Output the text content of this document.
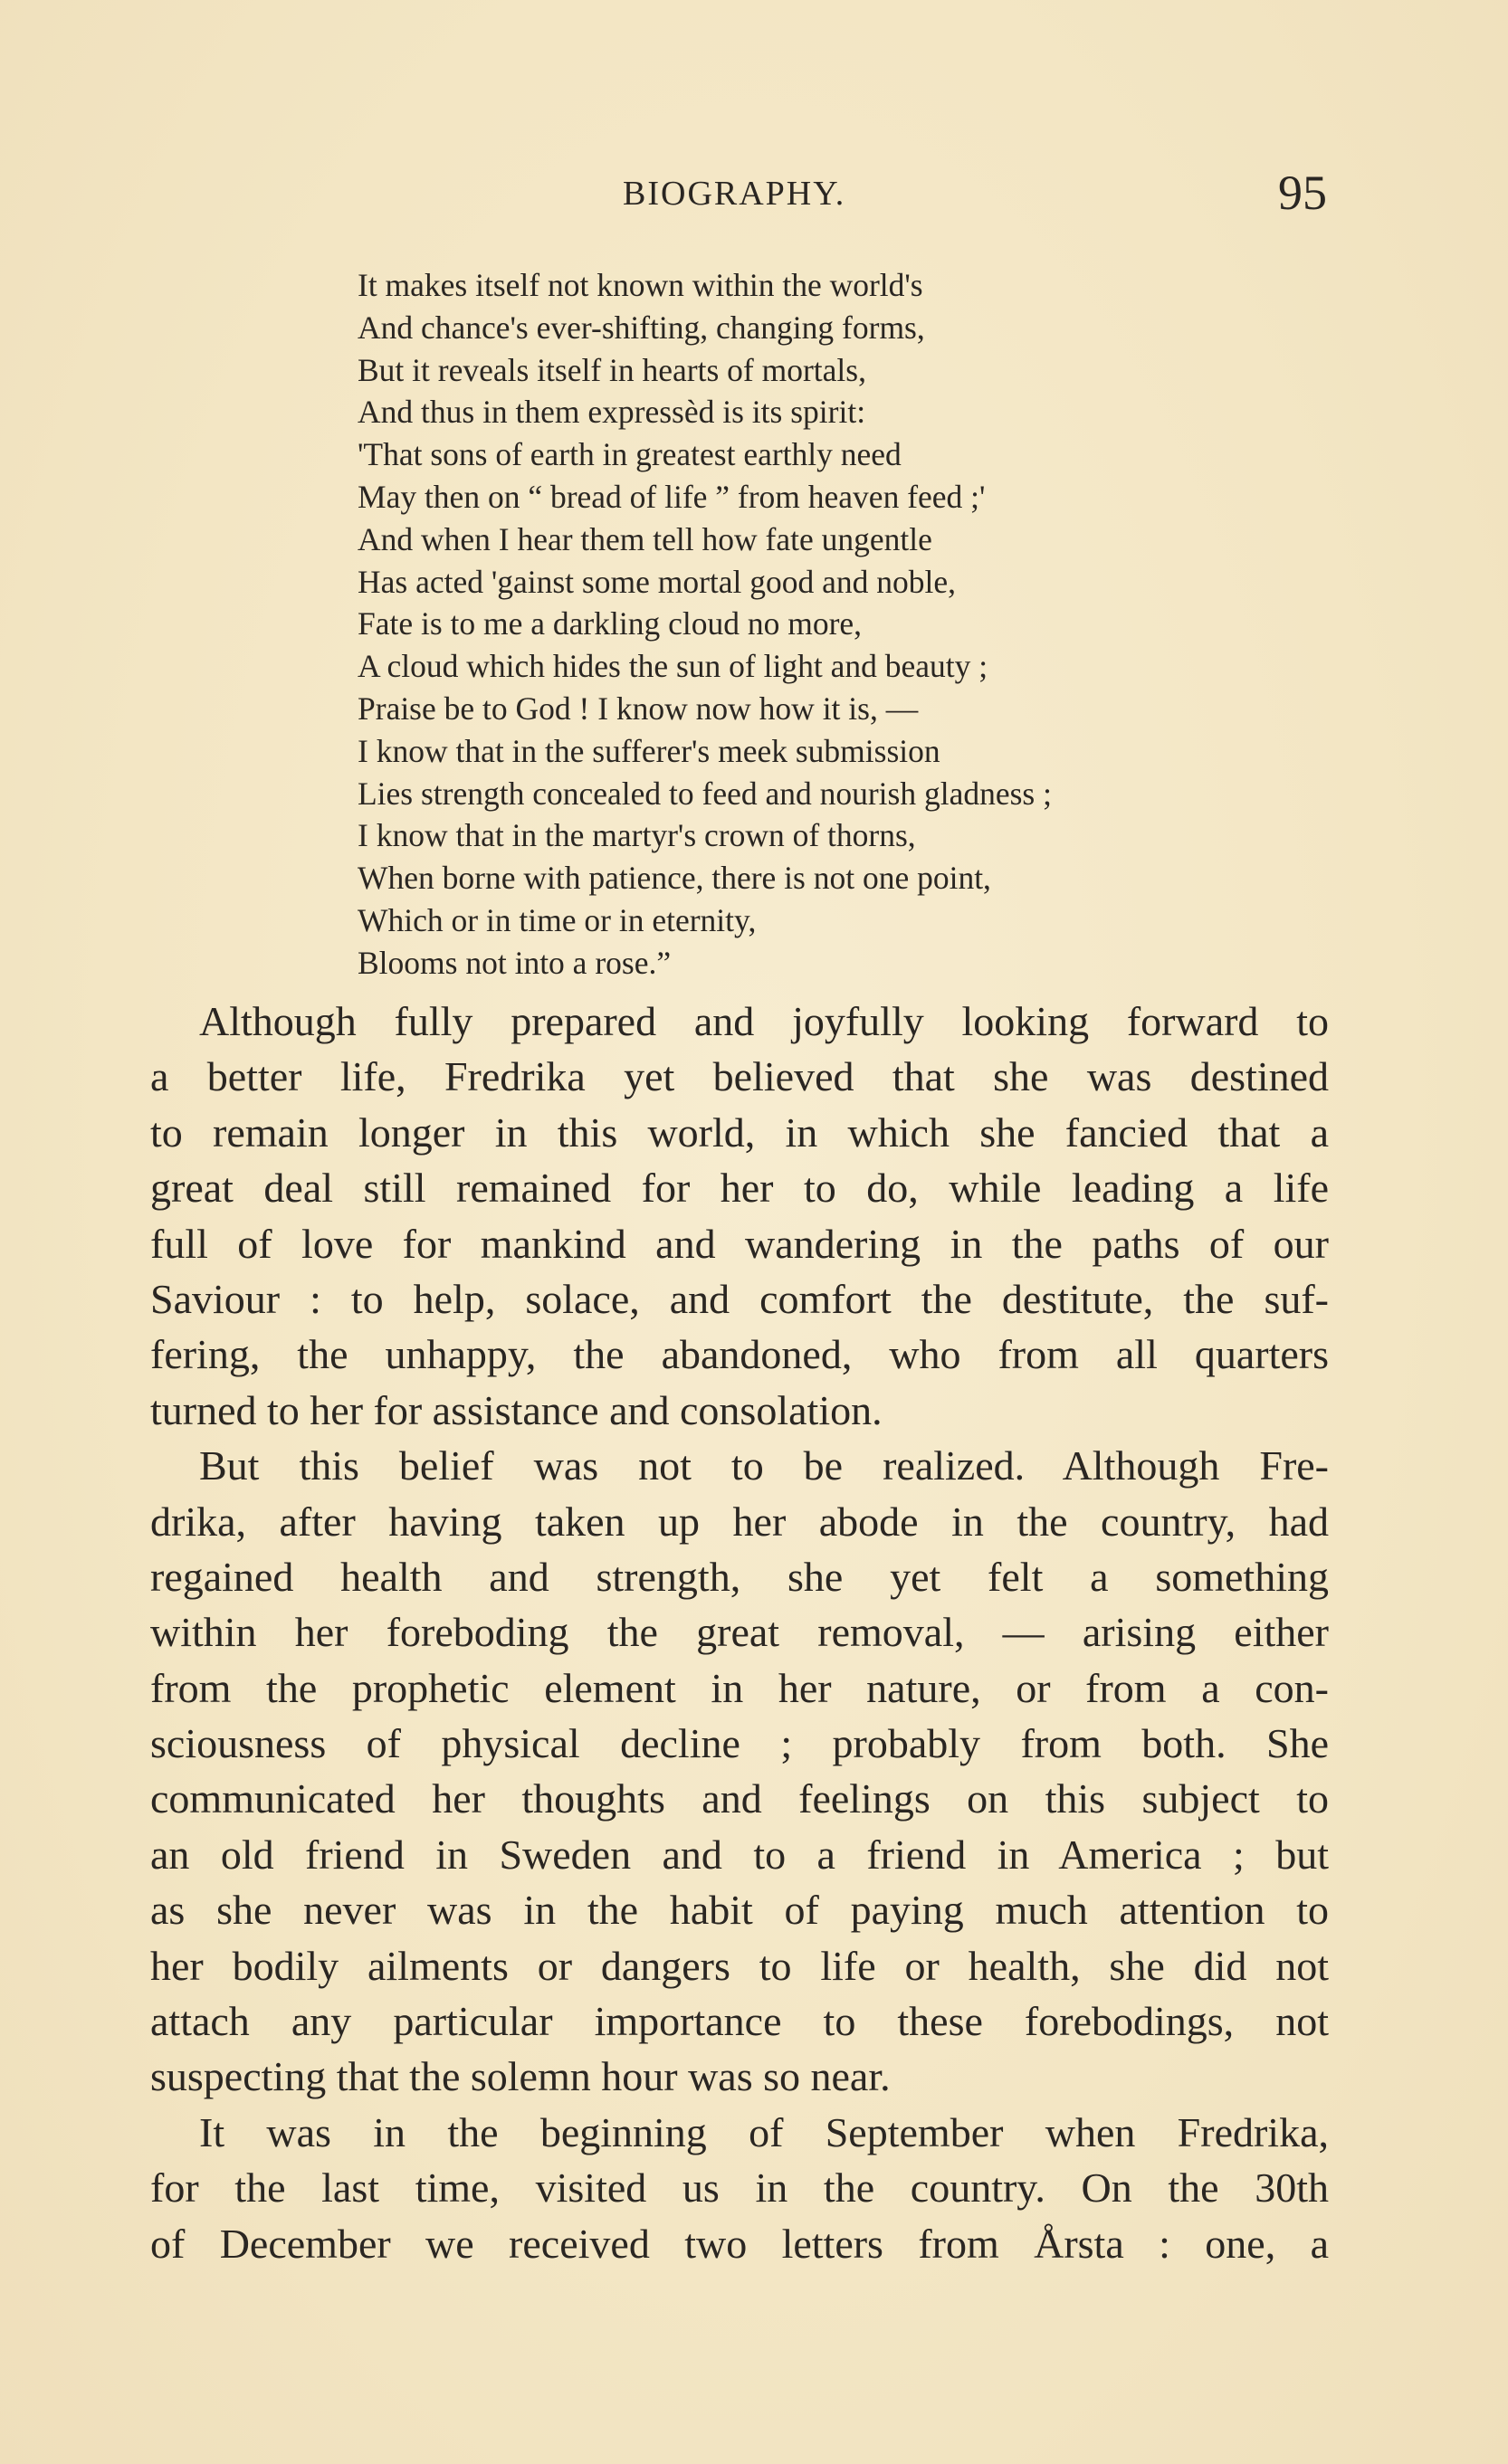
BIOGRAPHY.	95
It makes itself not known within the world's
And chance's ever-shifting, changing forms,
But it reveals itself in hearts of mortals,
And thus in them expressèd is its spirit:
'That sons of earth in greatest earthly need
May then on “ bread of life ” from heaven feed ;'
And when I hear them tell how fate ungentle
Has acted 'gainst some mortal good and noble,
Fate is to me a darkling cloud no more,
A cloud which hides the sun of light and beauty ;
Praise be to God ! I know now how it is, —
I know that in the sufferer's meek submission
Lies strength concealed to feed and nourish gladness ;
I know that in the martyr's crown of thorns,
When borne with patience, there is not one point,
Which or in time or in eternity,
Blooms not into a rose.”

Although fully prepared and joyfully looking forward to
a better life, Fredrika yet believed that she was destined
to remain longer in this world, in which she fancied that a
great deal still remained for her to do, while leading a life
full of love for mankind and wandering in the paths of our
Saviour : to help, solace, and comfort the destitute, the suf-
fering, the unhappy, the abandoned, who from all quarters
turned to her for assistance and consolation.

But this belief was not to be realized. Although Fre-
drika, after having taken up her abode in the country, had
regained health and strength, she yet felt a something
within her foreboding the great removal, — arising either
from the prophetic element in her nature, or from a con-
sciousness of physical decline ; probably from both. She
communicated her thoughts and feelings on this subject to
an old friend in Sweden and to a friend in America ; but
as she never was in the habit of paying much attention to
her bodily ailments or dangers to life or health, she did not
attach any particular importance to these forebodings, not
suspecting that the solemn hour was so near.

It was in the beginning of September when Fredrika,
for the last time, visited us in the country. On the 30th
of December we received two letters from Årsta : one, a
